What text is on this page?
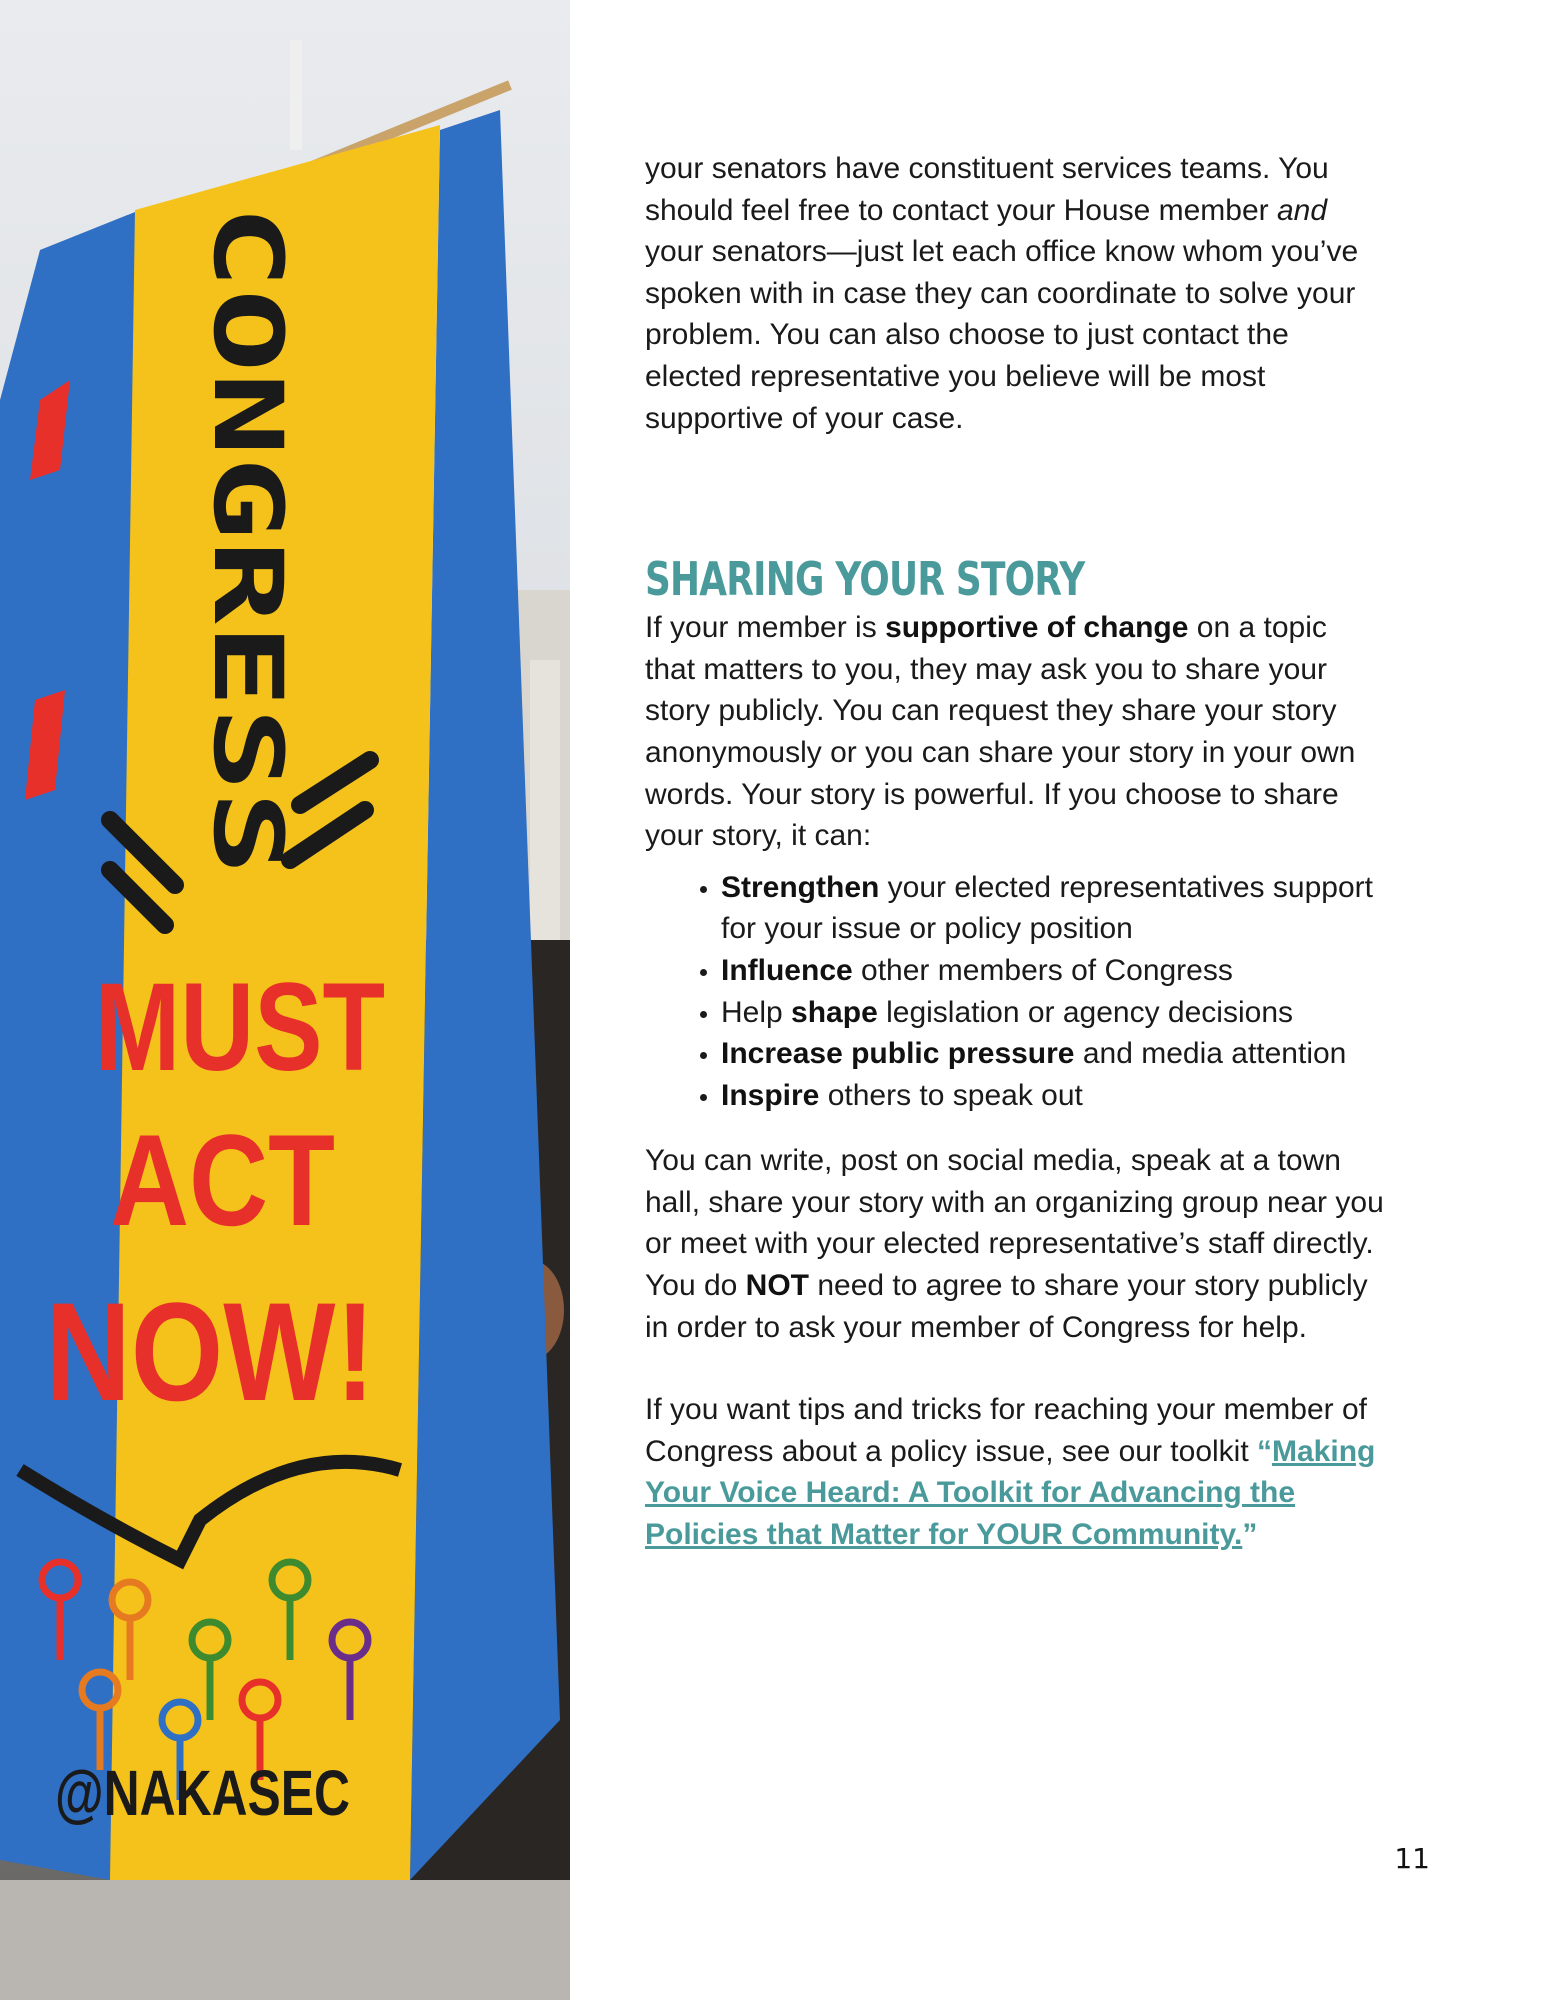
CONGRESS
MUST
ACT
NOW!
@NAKASEC

your senators have constituent services teams. You should feel free to contact your House member and your senators—just let each office know whom you’ve spoken with in case they can coordinate to solve your problem. You can also choose to just contact the elected representative you believe will be most supportive of your case.

SHARING YOUR STORY

If your member is supportive of change on a topic that matters to you, they may ask you to share your story publicly. You can request they share your story anonymously or you can share your story in your own words. Your story is powerful. If you choose to share your story, it can:

• Strengthen your elected representatives support for your issue or policy position
• Influence other members of Congress
• Help shape legislation or agency decisions
• Increase public pressure and media attention
• Inspire others to speak out

You can write, post on social media, speak at a town hall, share your story with an organizing group near you or meet with your elected representative’s staff directly. You do NOT need to agree to share your story publicly in order to ask your member of Congress for help.

If you want tips and tricks for reaching your member of Congress about a policy issue, see our toolkit “Making Your Voice Heard: A Toolkit for Advancing the Policies that Matter for YOUR Community.”

11
